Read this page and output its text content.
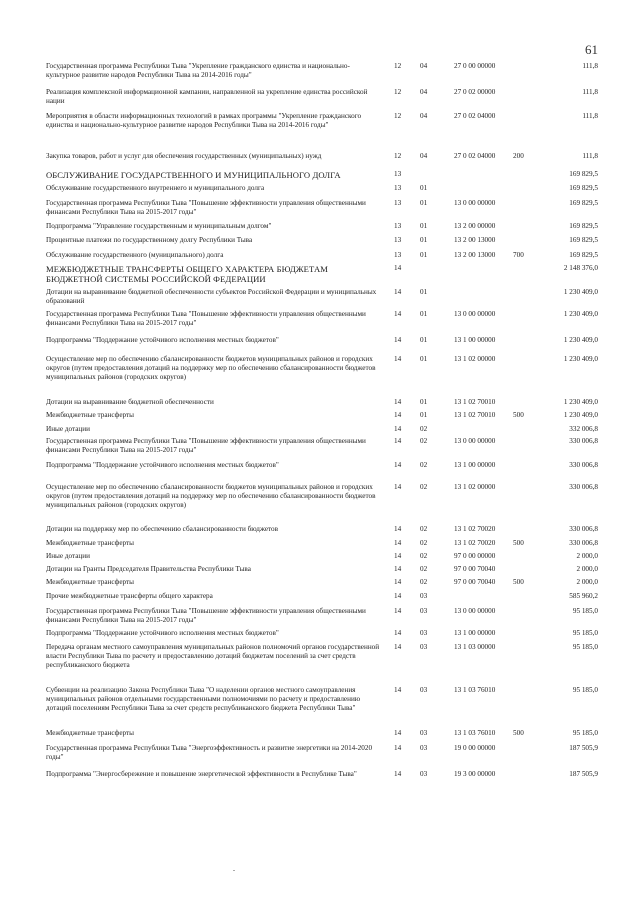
61
Государственная программа Республики Тыва "Укрепление гражданского единства и национально-культурное развитие народов Республики Тыва на 2014-2016 годы"
12	04	27 0 00 00000	111,8
Реализация комплексной информационной кампании, направленной на укрепление единства российской нации
12	04	27 0 02 00000	111,8
Мероприятия в области информационных технологий в рамках программы "Укрепление гражданского единства и национально-культурное развитие народов Республики Тыва на 2014-2016 годы"
12	04	27 0 02 04000	111,8
Закупка товаров, работ и услуг для обеспечения государственных (муниципальных) нужд	12	04	27 0 02 04000	200	111,8
ОБСЛУЖИВАНИЕ ГОСУДАРСТВЕННОГО И МУНИЦИПАЛЬНОГО ДОЛГА	13	169 829,5
Обслуживание государственного внутреннего и муниципального долга	13	01	169 829,5
Государственная программа Республики Тыва "Повышение эффективности управления общественными финансами Республики Тыва на 2015-2017 годы"
13	01	13 0 00 00000	169 829,5
Подпрограмма "Управление государственным и муниципальным долгом"	13	01	13 2 00 00000	169 829,5
Процентные платежи по государственному долгу Республики Тыва	13	01	13 2 00 13000	169 829,5
Обслуживание государственного (муниципального) долга	13	01	13 2 00 13000	700	169 829,5
МЕЖБЮДЖЕТНЫЕ ТРАНСФЕРТЫ ОБЩЕГО ХАРАКТЕРА БЮДЖЕТАМ БЮДЖЕТНОЙ СИСТЕМЫ РОССИЙСКОЙ ФЕДЕРАЦИИ
14	2 148 376,0
Дотации на выравнивание бюджетной обеспеченности субъектов Российской Федерации и муниципальных образований
14	01	1 230 409,0
Государственная программа Республики Тыва "Повышение эффективности управления общественными финансами Республики Тыва на 2015-2017 годы"
14	01	13 0 00 00000	1 230 409,0
Подпрограмма "Поддержание устойчивого исполнения местных бюджетов"	14	01	13 1 00 00000	1 230 409,0
Осуществление мер по обеспечению сбалансированности бюджетов муниципальных районов и городских округов (путем предоставления дотаций на поддержку мер по обеспечению сбалансированности бюджетов муниципальных районов (городских округов)
14	01	13 1 02 00000	1 230 409,0
Дотации на выравнивание бюджетной обеспеченности	14	01	13 1 02 70010	1 230 409,0
Межбюджетные трансферты	14	01	13 1 02 70010	500	1 230 409,0
Иные дотации	14	02	332 006,8
Государственная программа Республики Тыва "Повышение эффективности управления общественными финансами Республики Тыва на 2015-2017 годы"
14	02	13 0 00 00000	330 006,8
Подпрограмма "Поддержание устойчивого исполнения местных бюджетов"	14	02	13 1 00 00000	330 006,8
Осуществление мер по обеспечению сбалансированности бюджетов муниципальных районов и городских округов (путем предоставления дотаций на поддержку мер по обеспечению сбалансированности бюджетов муниципальных районов (городских округов)
14	02	13 1 02 00000	330 006,8
Дотации на поддержку мер по обеспечению сбалансированности бюджетов	14	02	13 1 02 70020	330 006,8
Межбюджетные трансферты	14	02	13 1 02 70020	500	330 006,8
Иные дотации	14	02	97 0 00 00000	2 000,0
Дотации на Гранты Председателя Правительства Республики Тыва	14	02	97 0 00 70040	2 000,0
Межбюджетные трансферты	14	02	97 0 00 70040	500	2 000,0
Прочие межбюджетные трансферты общего характера	14	03	585 960,2
Государственная программа Республики Тыва "Повышение эффективности управления общественными финансами Республики Тыва на 2015-2017 годы"
14	03	13 0 00 00000	95 185,0
Подпрограмма "Поддержание устойчивого исполнения местных бюджетов"	14	03	13 1 00 00000	95 185,0
Передача органам местного самоуправления муниципальных районов полномочий органов государственной власти Республики Тыва по расчету и предоставлению дотаций бюджетам поселений за счет средств республиканского бюджета
14	03	13 1 03 00000	95 185,0
Субвенции на реализацию Закона Республики Тыва "О наделении органов местного самоуправления муниципальных районов отдельными государственными полномочиями по расчету и предоставлению дотаций поселениям Республики Тыва за счет средств республиканского бюджета Республики Тыва"
14	03	13 1 03 76010	95 185,0
Межбюджетные трансферты	14	03	13 1 03 76010	500	95 185,0
Государственная программа Республики Тыва "Энергоэффективность и развитие энергетики на 2014-2020 годы"
14	03	19 0 00 00000	187 505,9
Подпрограмма "Энергосбережение и повышение энергетической эффективности в Республике Тыва"	14	03	19 3 00 00000	187 505,9
